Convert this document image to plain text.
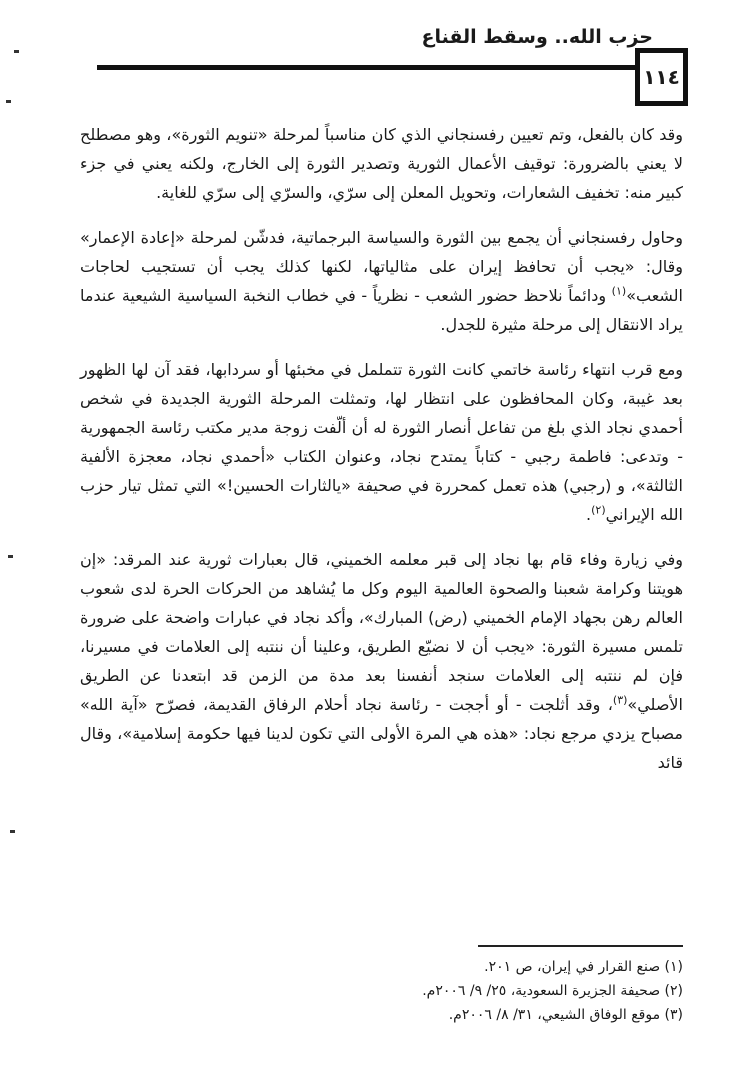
حزب الله.. وسقط القناع
١١٤

وقد كان بالفعل، وتم تعيين رفسنجاني الذي كان مناسباً لمرحلة «تنويم الثورة»، وهو مصطلح لا يعني بالضرورة: توقيف الأعمال الثورية وتصدير الثورة إلى الخارج، ولكنه يعني في جزء كبير منه: تخفيف الشعارات، وتحويل المعلن إلى سرّي، والسرّي إلى سرّي للغاية.

وحاول رفسنجاني أن يجمع بين الثورة والسياسة البرجماتية، فدشّن لمرحلة «إعادة الإعمار» وقال: «يجب أن تحافظ إيران على مثالياتها، لكنها كذلك يجب أن تستجيب لحاجات الشعب»$^{(١)}$ ودائماً نلاحظ حضور الشعب - نظرياً - في خطاب النخبة السياسية الشيعية عندما يراد الانتقال إلى مرحلة مثيرة للجدل.

ومع قرب انتهاء رئاسة خاتمي كانت الثورة تتململ في مخبئها أو سردابها، فقد آن لها الظهور بعد غيبة، وكان المحافظون على انتظار لها، وتمثلت المرحلة الثورية الجديدة في شخص أحمدي نجاد الذي بلغ من تفاعل أنصار الثورة له أن ألّفت زوجة مدير مكتب رئاسة الجمهورية - وتدعى: فاطمة رجبي - كتاباً يمتدح نجاد، وعنوان الكتاب «أحمدي نجاد، معجزة الألفية الثالثة»، و (رجبي) هذه تعمل كمحررة في صحيفة «يالثارات الحسين!» التي تمثل تيار حزب الله الإيراني$^{(٢)}$.

وفي زيارة وفاء قام بها نجاد إلى قبر معلمه الخميني، قال بعبارات ثورية عند المرقد: «إن هويتنا وكرامة شعبنا والصحوة العالمية اليوم وكل ما يُشاهد من الحركات الحرة لدى شعوب العالم رهن بجهاد الإمام الخميني (رض) المبارك»، وأكد نجاد في عبارات واضحة على ضرورة تلمس مسيرة الثورة: «يجب أن لا نضيّع الطريق، وعلينا أن ننتبه إلى العلامات في مسيرنا، فإن لم ننتبه إلى العلامات سنجد أنفسنا بعد مدة من الزمن قد ابتعدنا عن الطريق الأصلي»$^{(٣)}$، وقد أثلجت - أو أججت - رئاسة نجاد أحلام الرفاق القديمة، فصرّح «آية الله» مصباح يزدي مرجع نجاد: «هذه هي المرة الأولى التي تكون لدينا فيها حكومة إسلامية»، وقال قائد

(١) صنع القرار في إيران، ص ٢٠١.
(٢) صحيفة الجزيرة السعودية، ٢٥/ ٩/ ٢٠٠٦م.
(٣) موقع الوفاق الشيعي، ٣١/ ٨/ ٢٠٠٦م.
